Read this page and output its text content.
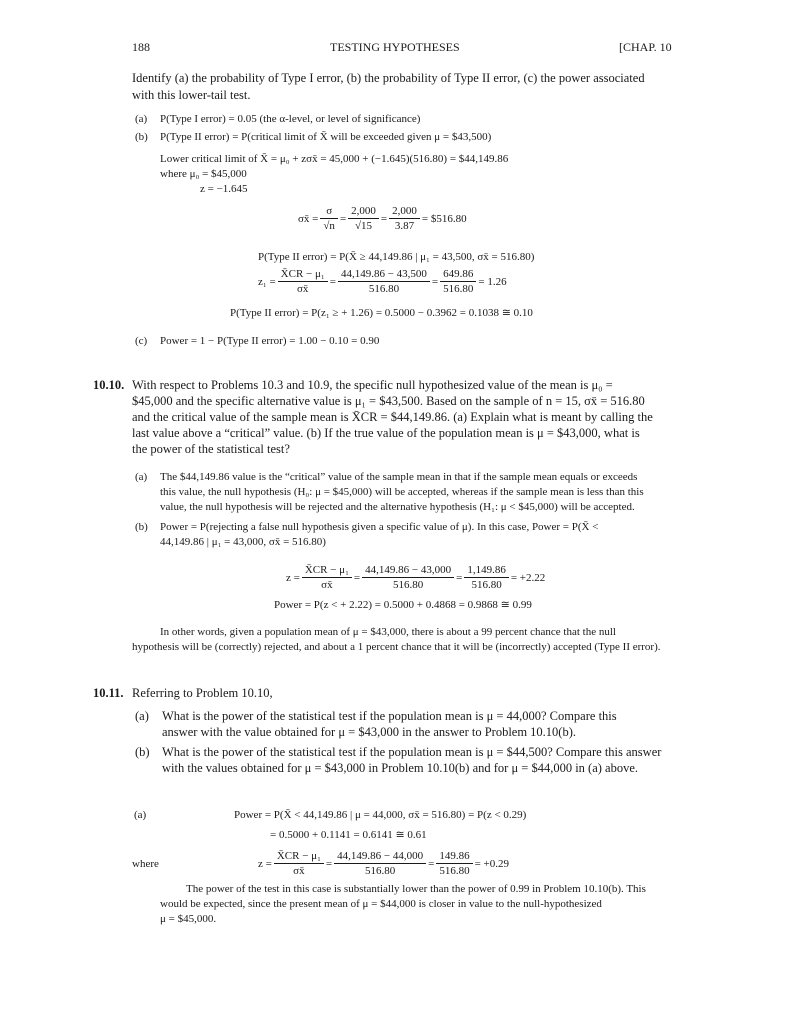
188	TESTING HYPOTHESES	[CHAP. 10
Identify (a) the probability of Type I error, (b) the probability of Type II error, (c) the power associated
with this lower-tail test.
(a) P(Type I error) = 0.05 (the α-level, or level of significance)
(b) P(Type II error) = P(critical limit of X̄ will be exceeded given μ = $43,500)
Lower critical limit of X̄ = μ₀ + zσx̄ = 45,000 + (−1.645)(516.80) = $44,149.86
where μ₀ = $45,000
z = −1.645
σx̄ = $\frac{\sigma}{√n} = \frac{2,000}{√15} = \frac{2,000}{3.87}$ = $516.80
P(Type II error) = P(X̄ ≥ 44,149.86 | μ₁ = 43,500, σx̄ = 516.80)
$z_1 = \frac{\text{X̄CR − μ₁}}{\sigma x̄} = \frac{44,149.86 - 43,500}{516.80} = \frac{649.86}{516.80} = 1.26$
P(Type II error) = P(z₁ ≥ + 1.26) = 0.5000 − 0.3962 = 0.1038 ≅ 0.10
(c) Power = 1 − P(Type II error) = 1.00 − 0.10 = 0.90
10.10. With respect to Problems 10.3 and 10.9, the specific null hypothesized value of the mean is μ₀ =
$45,000 and the specific alternative value is μ₁ = $43,500. Based on the sample of n = 15, σx̄ = 516.80
and the critical value of the sample mean is X̄CR = $44,149.86. (a) Explain what is meant by calling the
last value above a “critical” value. (b) If the true value of the population mean is μ = $43,000, what is
the power of the statistical test?
(a) The $44,149.86 value is the “critical” value of the sample mean in that if the sample mean equals or exceeds
this value, the null hypothesis (H₀: μ = $45,000) will be accepted, whereas if the sample mean is less than this
value, the null hypothesis will be rejected and the alternative hypothesis (H₁: μ < $45,000) will be accepted.
(b) Power = P(rejecting a false null hypothesis given a specific value of μ). In this case, Power = P(X̄ <
44,149.86 | μ₁ = 43,000, σx̄ = 516.80)
$z = \frac{\text{X̄CR − μ₁}}{\sigma x̄} = \frac{44,149.86 - 43,000}{516.80} = \frac{1,149.86}{516.80} = +2.22$
Power = P(z < + 2.22) = 0.5000 + 0.4868 = 0.9868 ≅ 0.99
In other words, given a population mean of μ = $43,000, there is about a 99 percent chance that the null
hypothesis will be (correctly) rejected, and about a 1 percent chance that it will be (incorrectly) accepted (Type II error).
10.11. Referring to Problem 10.10,
(a) What is the power of the statistical test if the population mean is μ = 44,000? Compare this
answer with the value obtained for μ = $43,000 in the answer to Problem 10.10(b).
(b) What is the power of the statistical test if the population mean is μ = $44,500? Compare this answer
with the values obtained for μ = $43,000 in Problem 10.10(b) and for μ = $44,000 in (a) above.
(a)	Power = P(X̄ < 44,149.86 | μ = 44,000, σx̄ = 516.80) = P(z < 0.29)
= 0.5000 + 0.1141 = 0.6141 ≅ 0.61
where	$z = \frac{\text{X̄CR − μ₁}}{\sigma x̄} = \frac{44,149.86 - 44,000}{516.80} = \frac{149.86}{516.80} = +0.29$
The power of the test in this case is substantially lower than the power of 0.99 in Problem 10.10(b). This
would be expected, since the present mean of μ = $44,000 is closer in value to the null-hypothesized
μ = $45,000.
